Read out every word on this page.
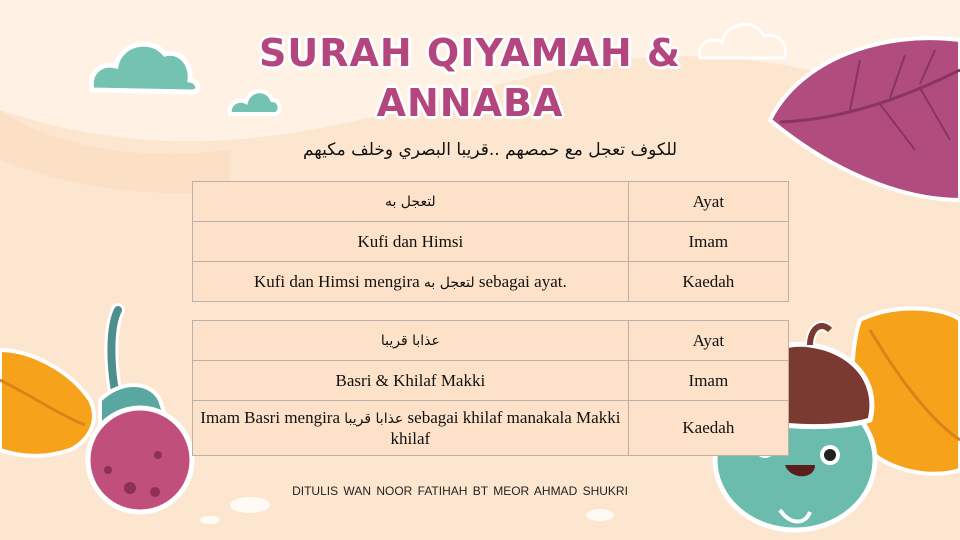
SURAH QIYAMAH &
ANNABA
للكوف تعجل مع حمصهم ..قريبا البصري وخلف مكيهم
لتعجل به	Ayat
Kufi dan Himsi	Imam
Kufi dan Himsi mengira لتعجل به sebagai ayat.	Kaedah
عذابا قريبا	Ayat
Basri & Khilaf Makki	Imam
Imam Basri mengira عذابا قريبا sebagai khilaf manakala Makki khilaf	Kaedah
DITULIS WAN NOOR FATIHAH BT MEOR AHMAD SHUKRI
